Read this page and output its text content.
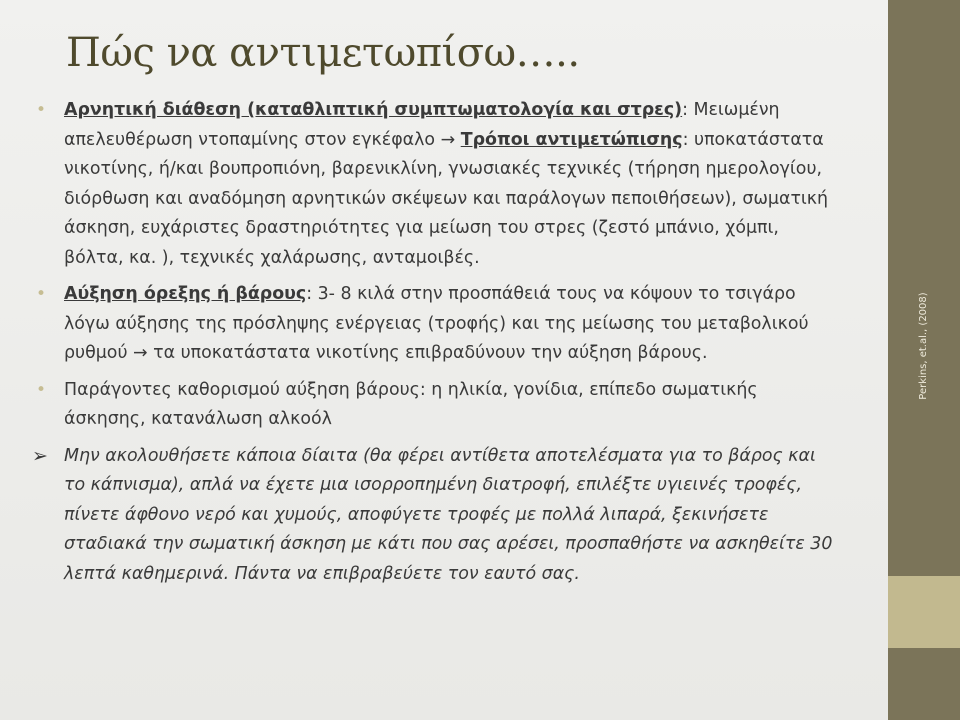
Perkins, et.al., (2008)
Πώς να αντιμετωπίσω…..
•	Αρνητική διάθεση (καταθλιπτική συμπτωματολογία και στρες): Μειωμένη απελευθέρωση ντοπαμίνης στον εγκέφαλο → Τρόποι αντιμετώπισης: υποκατάστατα νικοτίνης, ή/και βουπροπιόνη, βαρενικλίνη, γνωσιακές τεχνικές (τήρηση ημερολογίου, διόρθωση και αναδόμηση αρνητικών σκέψεων και παράλογων πεποιθήσεων), σωματική άσκηση, ευχάριστες δραστηριότητες για μείωση του στρες (ζεστό μπάνιο, χόμπι, βόλτα, κα. ), τεχνικές χαλάρωσης, ανταμοιβές.
•	Αύξηση όρεξης ή βάρους: 3- 8 κιλά στην προσπάθειά τους να κόψουν το τσιγάρο λόγω αύξησης της πρόσληψης ενέργειας (τροφής) και της μείωσης του μεταβολικού ρυθμού → τα υποκατάστατα νικοτίνης επιβραδύνουν την αύξηση βάρους.
•	Παράγοντες καθορισμού αύξηση βάρους: η ηλικία, γονίδια, επίπεδο σωματικής άσκησης, κατανάλωση αλκοόλ
➢ Μην ακολουθήσετε κάποια δίαιτα (θα φέρει αντίθετα αποτελέσματα για το βάρος και το κάπνισμα), απλά να έχετε μια ισορροπημένη διατροφή, επιλέξτε υγιεινές τροφές, πίνετε άφθονο νερό και χυμούς, αποφύγετε τροφές με πολλά λιπαρά, ξεκινήσετε σταδιακά την σωματική άσκηση με κάτι που σας αρέσει, προσπαθήστε να ασκηθείτε 30 λεπτά καθημερινά. Πάντα να επιβραβεύετε τον εαυτό σας.
